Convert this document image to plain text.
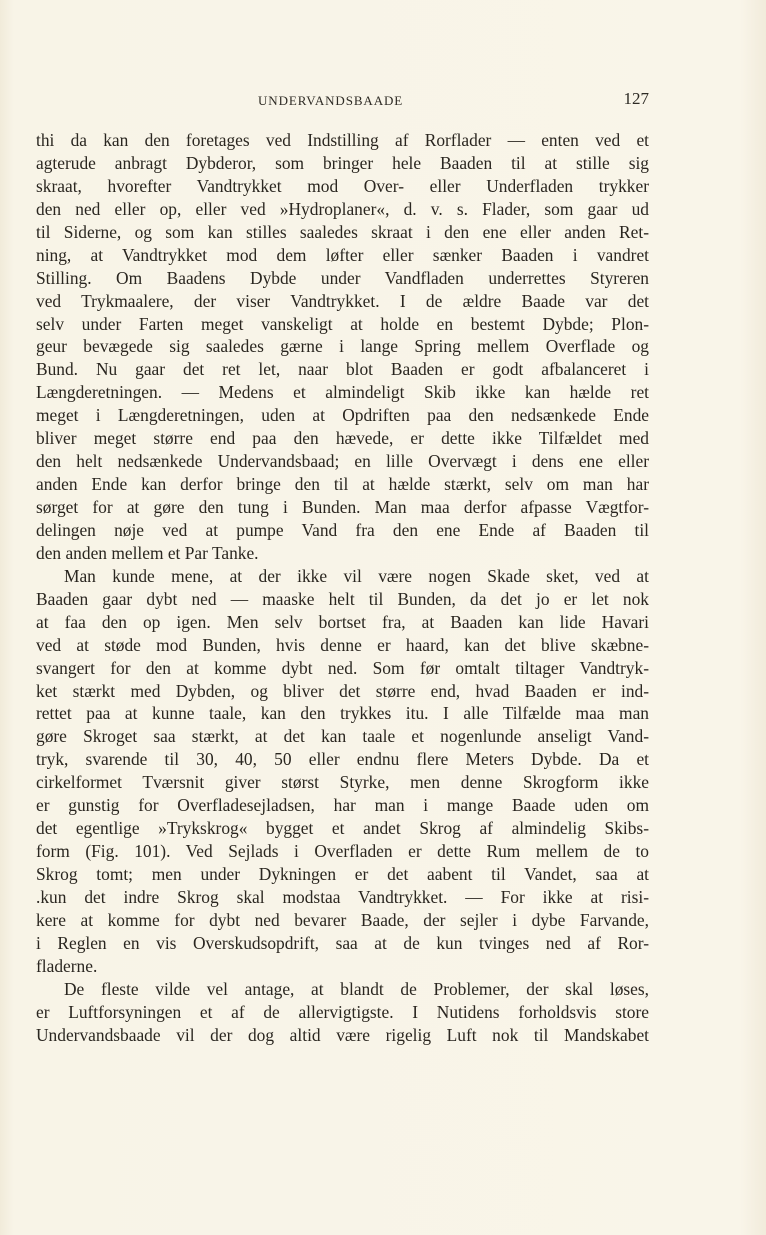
UNDERVANDSBAADE	127
thi da kan den foretages ved Indstilling af Rorflader — enten ved et
agterude anbragt Dybderor, som bringer hele Baaden til at stille sig
skraat, hvorefter Vandtrykket mod Over- eller Underfladen trykker
den ned eller op, eller ved »Hydroplaner«, d. v. s. Flader, som gaar ud
til Siderne, og som kan stilles saaledes skraat i den ene eller anden Ret-
ning, at Vandtrykket mod dem løfter eller sænker Baaden i vandret
Stilling. Om Baadens Dybde under Vandfladen underrettes Styreren
ved Trykmaalere, der viser Vandtrykket. I de ældre Baade var det
selv under Farten meget vanskeligt at holde en bestemt Dybde; Plon-
geur bevægede sig saaledes gærne i lange Spring mellem Overflade og
Bund. Nu gaar det ret let, naar blot Baaden er godt afbalanceret i
Længderetningen. — Medens et almindeligt Skib ikke kan hælde ret
meget i Længderetningen, uden at Opdriften paa den nedsænkede Ende
bliver meget større end paa den hævede, er dette ikke Tilfældet med
den helt nedsænkede Undervandsbaad; en lille Overvægt i dens ene eller
anden Ende kan derfor bringe den til at hælde stærkt, selv om man har
sørget for at gøre den tung i Bunden. Man maa derfor afpasse Vægtfor-
delingen nøje ved at pumpe Vand fra den ene Ende af Baaden til
den anden mellem et Par Tanke.
Man kunde mene, at der ikke vil være nogen Skade sket, ved at
Baaden gaar dybt ned — maaske helt til Bunden, da det jo er let nok
at faa den op igen. Men selv bortset fra, at Baaden kan lide Havari
ved at støde mod Bunden, hvis denne er haard, kan det blive skæbne-
svangert for den at komme dybt ned. Som før omtalt tiltager Vandtryk-
ket stærkt med Dybden, og bliver det større end, hvad Baaden er ind-
rettet paa at kunne taale, kan den trykkes itu. I alle Tilfælde maa man
gøre Skroget saa stærkt, at det kan taale et nogenlunde anseligt Vand-
tryk, svarende til 30, 40, 50 eller endnu flere Meters Dybde. Da et
cirkelformet Tværsnit giver størst Styrke, men denne Skrogform ikke
er gunstig for Overfladesejladsen, har man i mange Baade uden om
det egentlige »Trykskrog« bygget et andet Skrog af almindelig Skibs-
form (Fig. 101). Ved Sejlads i Overfladen er dette Rum mellem de to
Skrog tomt; men under Dykningen er det aabent til Vandet, saa at
.kun det indre Skrog skal modstaa Vandtrykket. — For ikke at risi-
kere at komme for dybt ned bevarer Baade, der sejler i dybe Farvande,
i Reglen en vis Overskudsopdrift, saa at de kun tvinges ned af Ror-
fladerne.
De fleste vilde vel antage, at blandt de Problemer, der skal løses,
er Luftforsyningen et af de allervigtigste. I Nutidens forholdsvis store
Undervandsbaade vil der dog altid være rigelig Luft nok til Mandskabet
